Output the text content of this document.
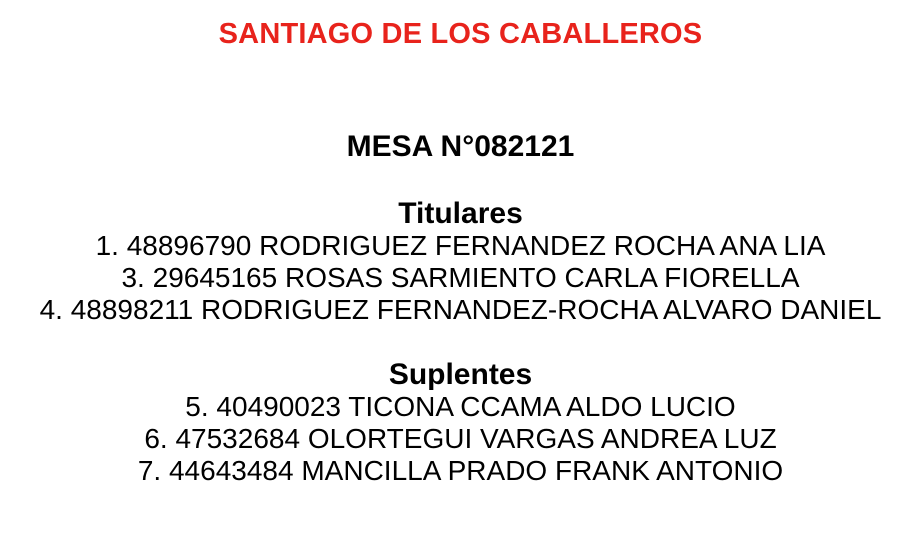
SANTIAGO DE LOS CABALLEROS
MESA N°082121
Titulares
1. 48896790 RODRIGUEZ FERNANDEZ ROCHA ANA LIA
3. 29645165 ROSAS SARMIENTO CARLA FIORELLA
4. 48898211 RODRIGUEZ FERNANDEZ-ROCHA ALVARO DANIEL
Suplentes
5. 40490023 TICONA CCAMA ALDO LUCIO
6. 47532684 OLORTEGUI VARGAS ANDREA LUZ
7. 44643484 MANCILLA PRADO FRANK ANTONIO
